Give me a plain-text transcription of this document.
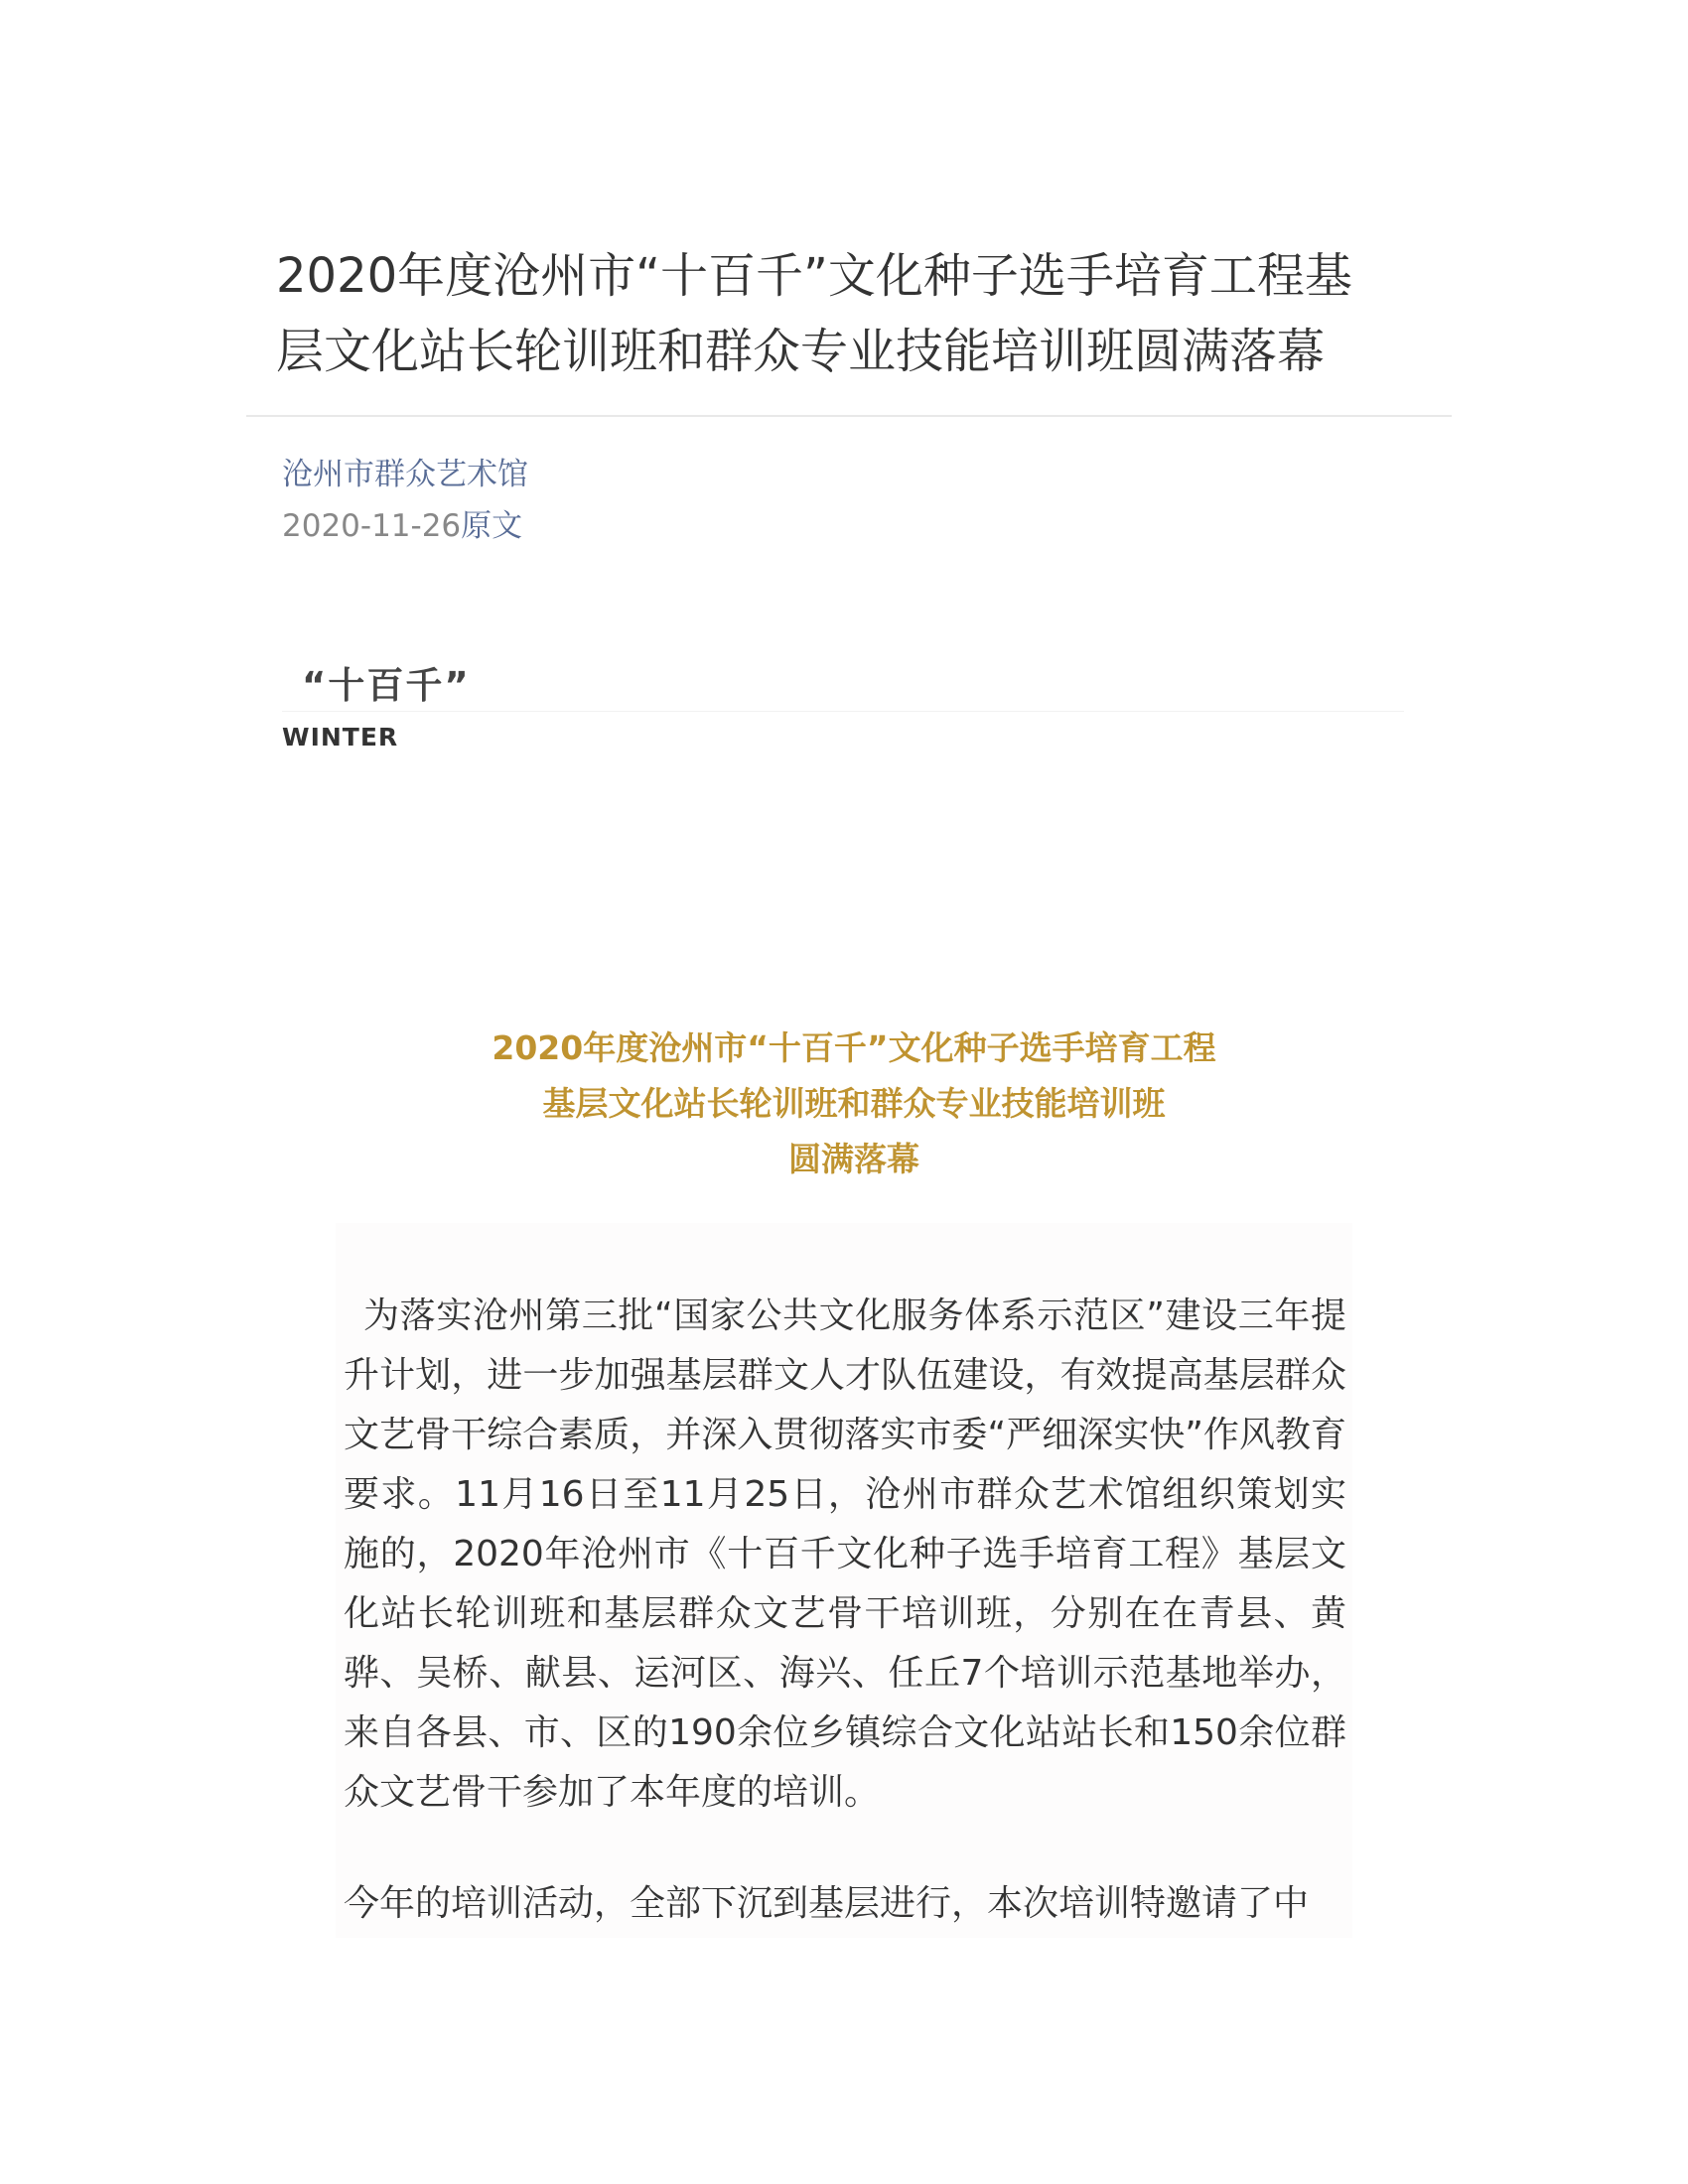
2020年度沧州市“十百千”文化种子选手培育工程基层文化站长轮训班和群众专业技能培训班圆满落幕
沧州市群众艺术馆
2020-11-26原文
“十百千”
WINTER
2020年度沧州市“十百千”文化种子选手培育工程
基层文化站长轮训班和群众专业技能培训班
圆满落幕

为落实沧州第三批“国家公共文化服务体系示范区”建设三年提升计划，进一步加强基层群文人才队伍建设，有效提高基层群众文艺骨干综合素质，并深入贯彻落实市委“严细深实快”作风教育要求。11月16日至11月25日，沧州市群众艺术馆组织策划实施的，2020年沧州市《十百千文化种子选手培育工程》基层文化站长轮训班和基层群众文艺骨干培训班，分别在在青县、黄骅、吴桥、献县、运河区、海兴、任丘7个培训示范基地举办，来自各县、市、区的190余位乡镇综合文化站站长和150余位群众文艺骨干参加了本年度的培训。

今年的培训活动，全部下沉到基层进行，本次培训特邀请了中
